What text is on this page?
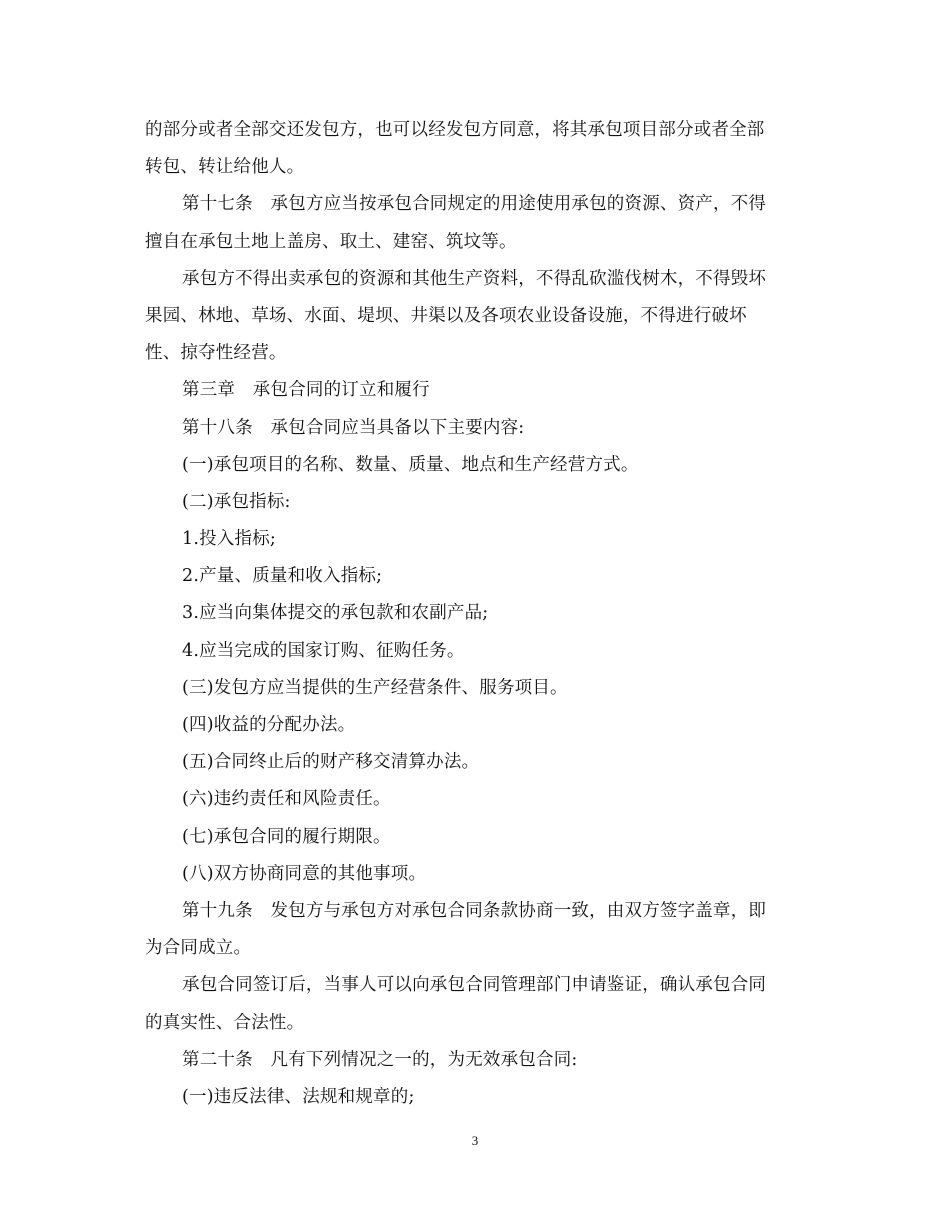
的部分或者全部交还发包方，也可以经发包方同意，将其承包项目部分或者全部
转包、转让给他人。
第十七条　承包方应当按承包合同规定的用途使用承包的资源、资产，不得
擅自在承包土地上盖房、取土、建窑、筑坟等。
承包方不得出卖承包的资源和其他生产资料，不得乱砍滥伐树木，不得毁坏
果园、林地、草场、水面、堤坝、井渠以及各项农业设备设施，不得进行破坏
性、掠夺性经营。
第三章　承包合同的订立和履行
第十八条　承包合同应当具备以下主要内容:
(一)承包项目的名称、数量、质量、地点和生产经营方式。
(二)承包指标:
1.投入指标;
2.产量、质量和收入指标;
3.应当向集体提交的承包款和农副产品;
4.应当完成的国家订购、征购任务。
(三)发包方应当提供的生产经营条件、服务项目。
(四)收益的分配办法。
(五)合同终止后的财产移交清算办法。
(六)违约责任和风险责任。
(七)承包合同的履行期限。
(八)双方协商同意的其他事项。
第十九条　发包方与承包方对承包合同条款协商一致，由双方签字盖章，即
为合同成立。
承包合同签订后，当事人可以向承包合同管理部门申请鉴证，确认承包合同
的真实性、合法性。
第二十条　凡有下列情况之一的，为无效承包合同:
(一)违反法律、法规和规章的;
3
